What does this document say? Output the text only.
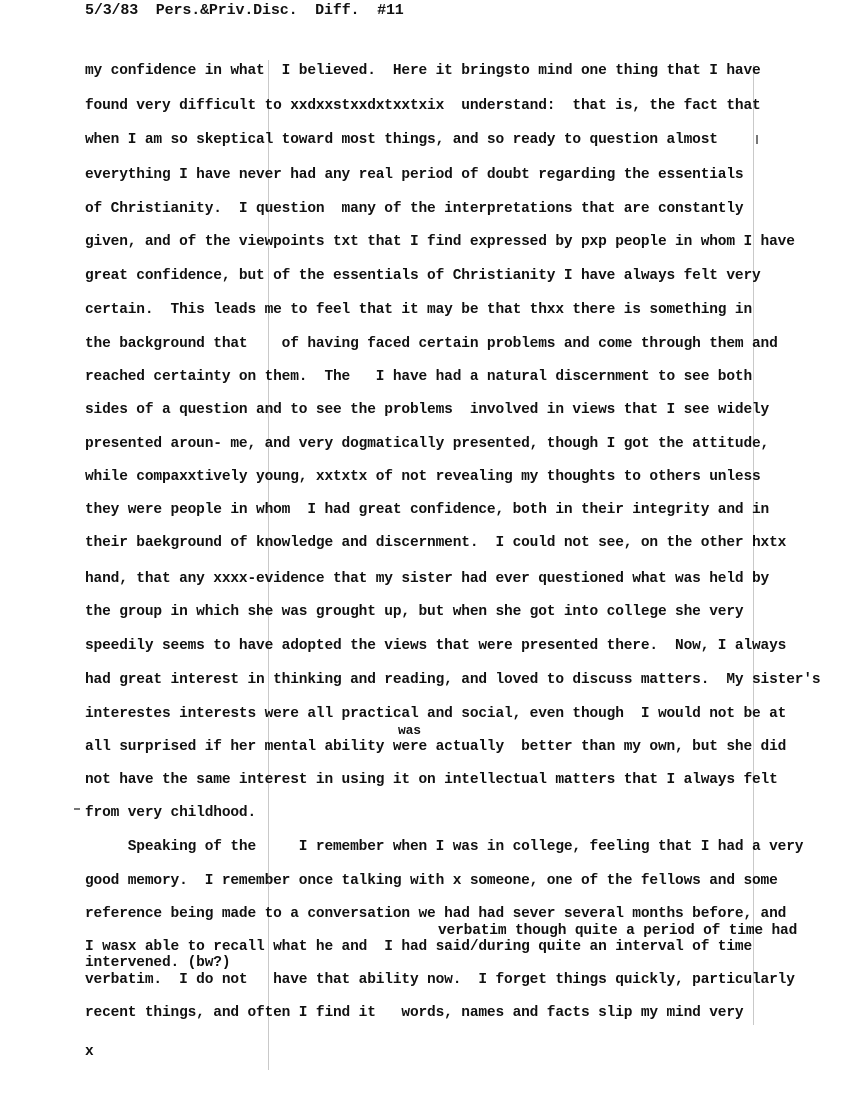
5/3/83  Pers.&Priv.Disc.  Diff.  #11
my confidence in what  I believed.  Here it bringsto mind one thing that I have
found very difficult to xxdxxstxxdxtxxtxix  understand:  that is, the fact that
when I am so skeptical toward most things, and so ready to question almost
everything I have never had any real period of doubt regarding the essentials
of Christianity.  I question  many of the interpretations that are constantly
given, and of the viewpoints txt that I find expressed by pxp people in whom I have
great confidence, but of the essentials of Christianity I have always felt very
certain.  This leads me to feel that it may be that thxx there is something in
the background that    of having faced certain problems and come through them and
reached certainty on them.  The   I have had a natural discernment to see both
sides of a question and to see the problems  involved in views that I see widely
presented aroun- me, and very dogmatically presented, though I got the attitude,
while compaxxtively young, xxtxtx of not revealing my thoughts to others unless
they were people in whom  I had great confidence, both in their integrity and in
their baekground of knowledge and discernment.  I could not see, on the other hxtx
hand, that any xxxx-evidence that my sister had ever questioned what was held by
the group in which she was grought up, but when she got into college she very
speedily seems to have adopted the views that were presented there.  Now, I always
had great interest in thinking and reading, and loved to discuss matters.  My sister's
interestes interests were all practical and social, even though  I would not be at
was
all surprised if her mental ability were actually  better than my own, but she did
not have the same interest in using it on intellectual matters that I always felt
from very childhood.
Speaking of the     I remember when I was in college, feeling that I had a very
good memory.  I remember once talking with x someone, one of the fellows and some
reference being made to a conversation we had had sever several months before, and
verbatim though quite a period of time had
I wasx able to recall what he and  I had said/during quite an interval of time
intervened. (bw?)
verbatim.  I do not   have that ability now.  I forget things quickly, particularly
recent things, and often I find it   words, names and facts slip my mind very
x
